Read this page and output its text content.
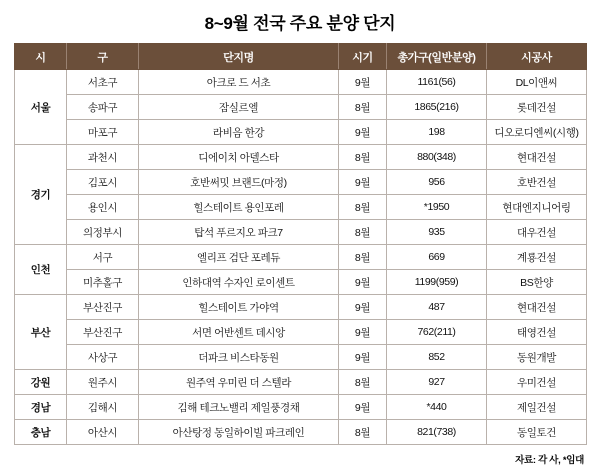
8~9월 전국 주요 분양 단지
시	구	단지명	시기	총가구(일반분양)	시공사
서울	서초구	아크로 드 서초	9월	1161(56)	DL이앤씨
	송파구	잠실르엘	8월	1865(216)	롯데건설
	마포구	라비음 한강	9월	198	디오로디엔씨(시행)
경기	과천시	디에이치 아델스타	8월	880(348)	현대건설
	김포시	호반써밋 브랜드(마정)	9월	956	호반건설
	용인시	힐스테이트 용인포레	8월	*1950	현대엔지니어링
	의정부시	탑석 푸르지오 파크7	8월	935	대우건설
인천	서구	엘리프 검단 포레듀	8월	669	계룡건설
	미추홀구	인하대역 수자인 로이센트	9월	1199(959)	BS한양
부산	부산진구	힐스테이트 가야역	9월	487	현대건설
	부산진구	서면 어반센트 데시앙	9월	762(211)	태영건설
	사상구	더파크 비스타동원	9월	852	동원개발
강원	원주시	원주역 우미린 더 스텔라	8월	927	우미건설
경남	김해시	김해 테크노밸리 제일풍경채	9월	*440	제일건설
충남	아산시	아산탕정 동일하이빌 파크레인	8월	821(738)	동일토건
자료: 각 사, *임대
